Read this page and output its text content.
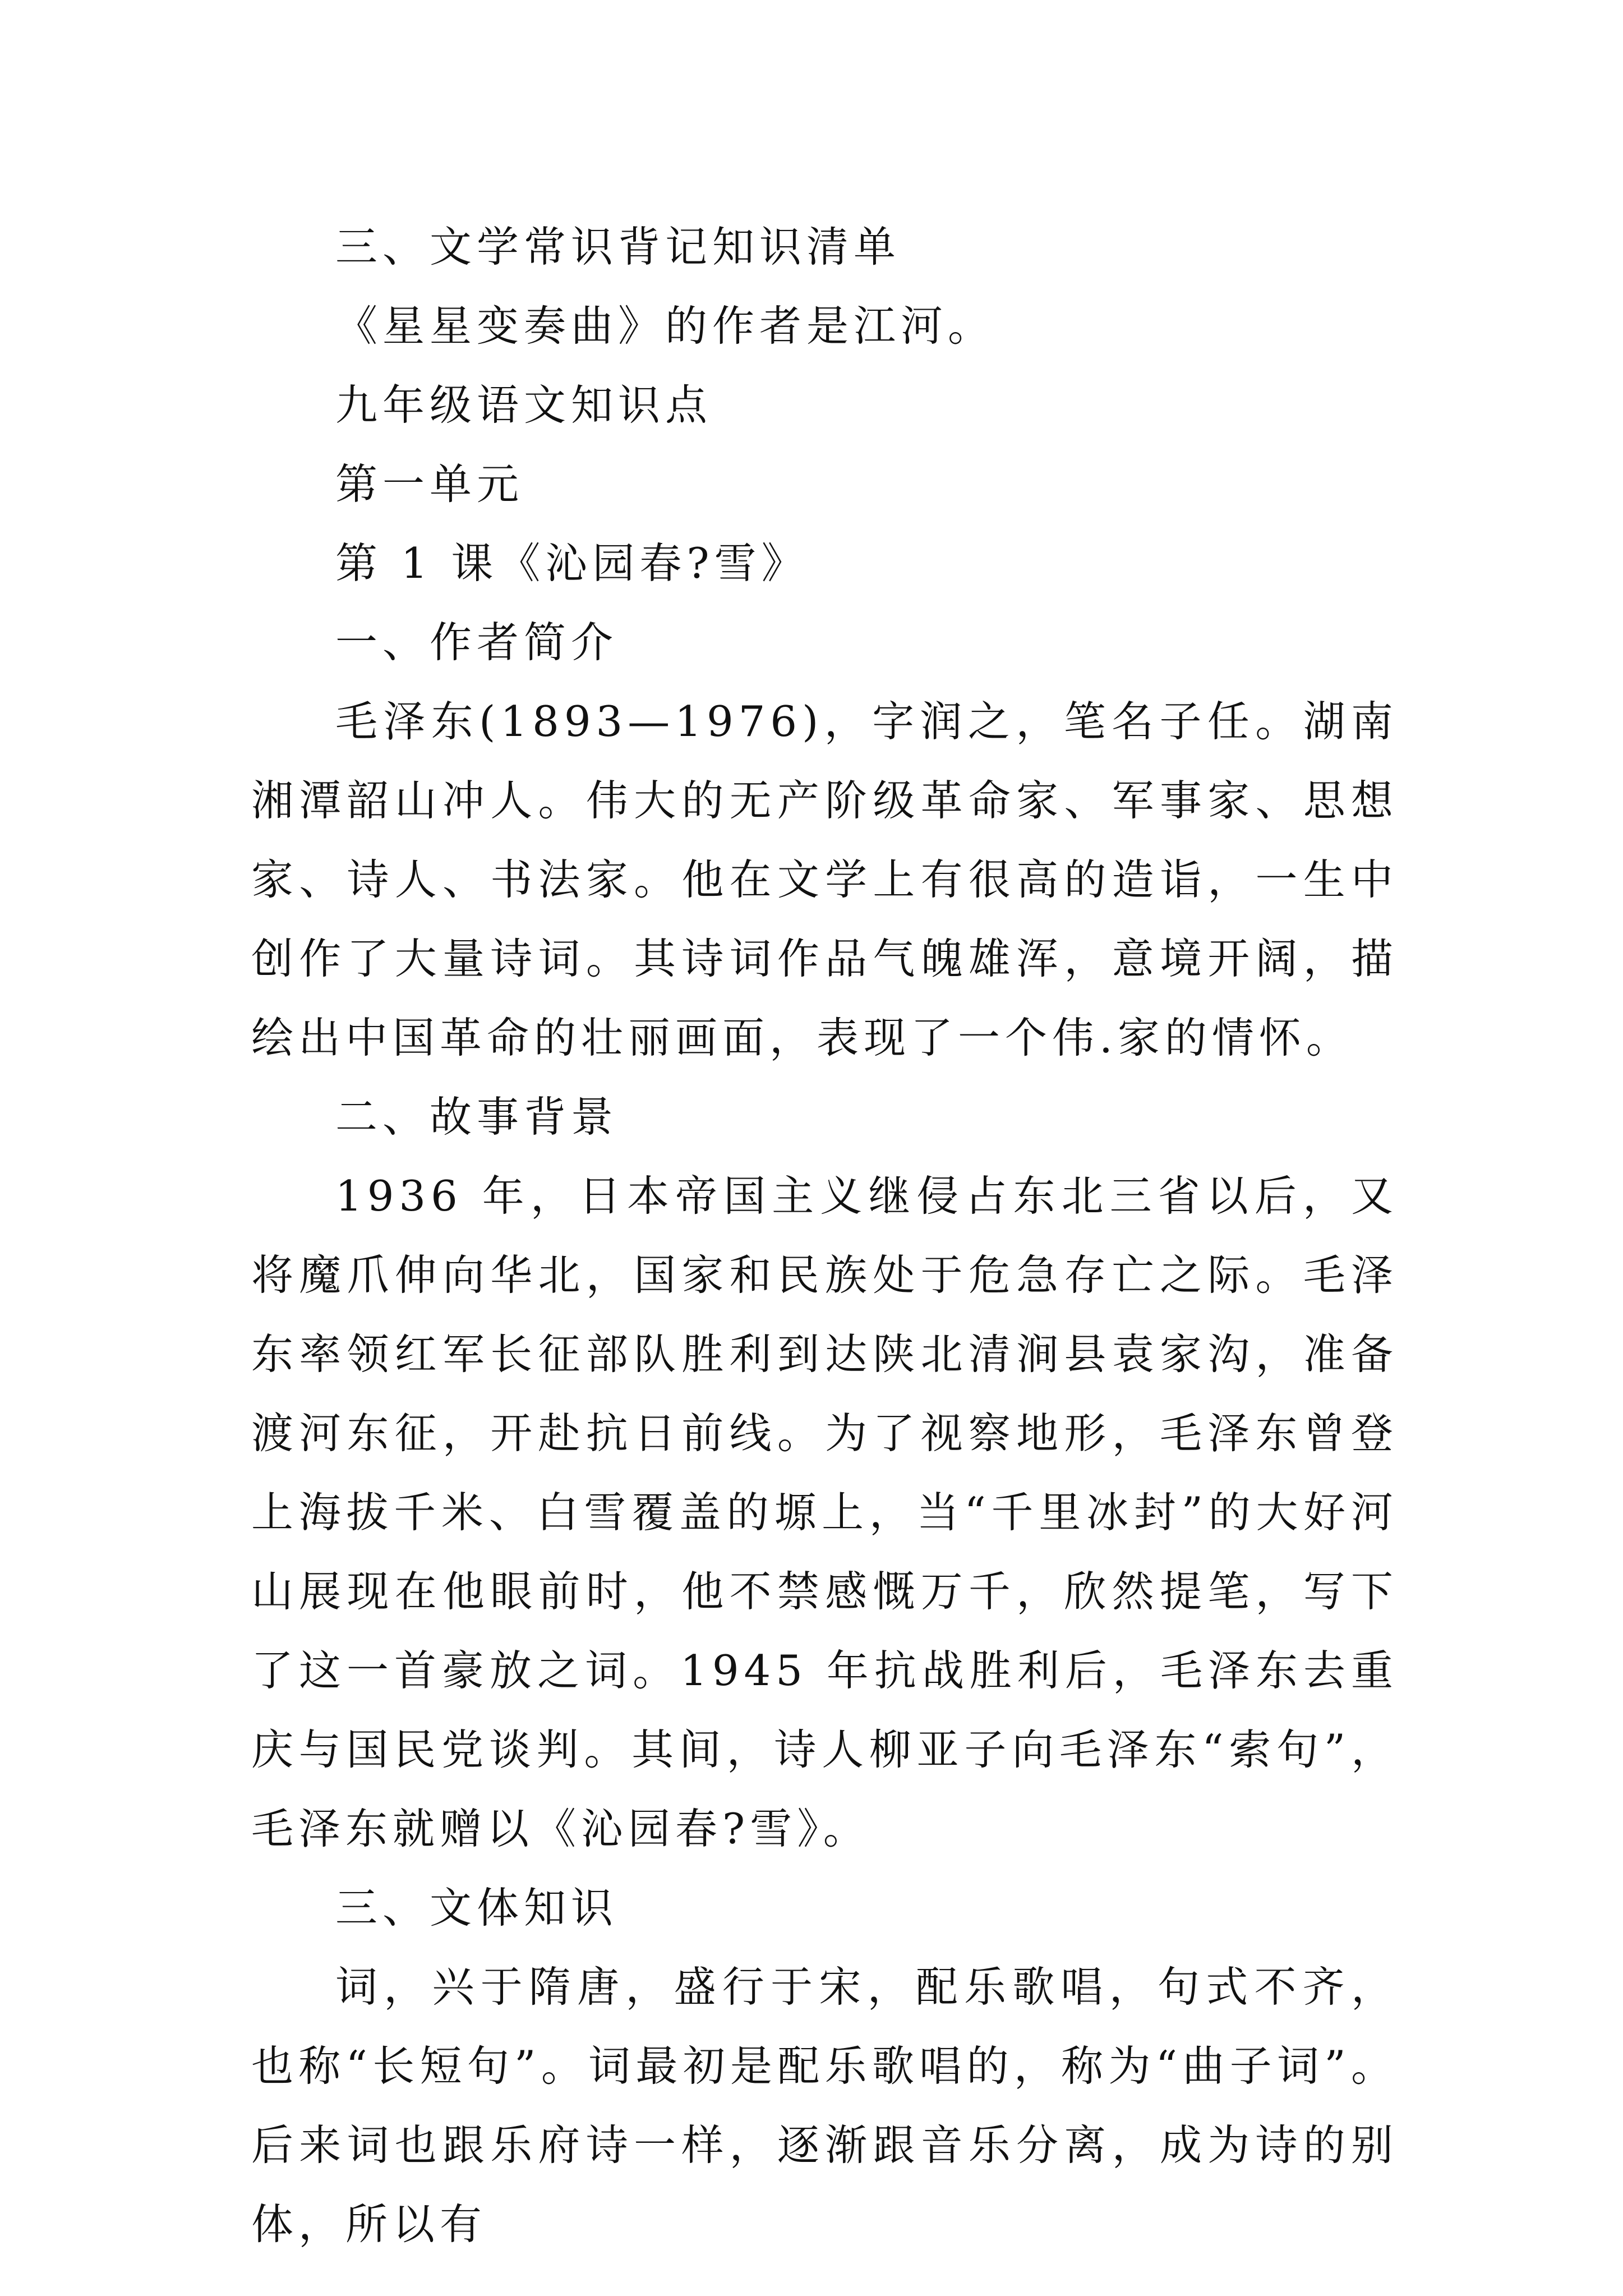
三、文学常识背记知识清单

《星星变奏曲》的作者是江河。

九年级语文知识点

第一单元

第 1 课《沁园春?雪》

一、作者简介

毛泽东(1893—1976)，字润之，笔名子任。湖南湘潭韶山冲人。伟大的无产阶级革命家、军事家、思想家、诗人、书法家。他在文学上有很高的造诣，一生中创作了大量诗词。其诗词作品气魄雄浑，意境开阔，描绘出中国革命的壮丽画面，表现了一个伟.家的情怀。

二、故事背景

1936 年，日本帝国主义继侵占东北三省以后，又将魔爪伸向华北，国家和民族处于危急存亡之际。毛泽东率领红军长征部队胜利到达陕北清涧县袁家沟，准备渡河东征，开赴抗日前线。为了视察地形，毛泽东曾登上海拔千米、白雪覆盖的塬上，当“千里冰封”的大好河山展现在他眼前时，他不禁感慨万千，欣然提笔，写下了这一首豪放之词。1945 年抗战胜利后，毛泽东去重庆与国民党谈判。其间，诗人柳亚子向毛泽东“索句”，毛泽东就赠以《沁园春?雪》。

三、文体知识

词，兴于隋唐，盛行于宋，配乐歌唱，句式不齐，也称“长短句”。词最初是配乐歌唱的，称为“曲子词”。后来词也跟乐府诗一样，逐渐跟音乐分离，成为诗的别体，所以有
